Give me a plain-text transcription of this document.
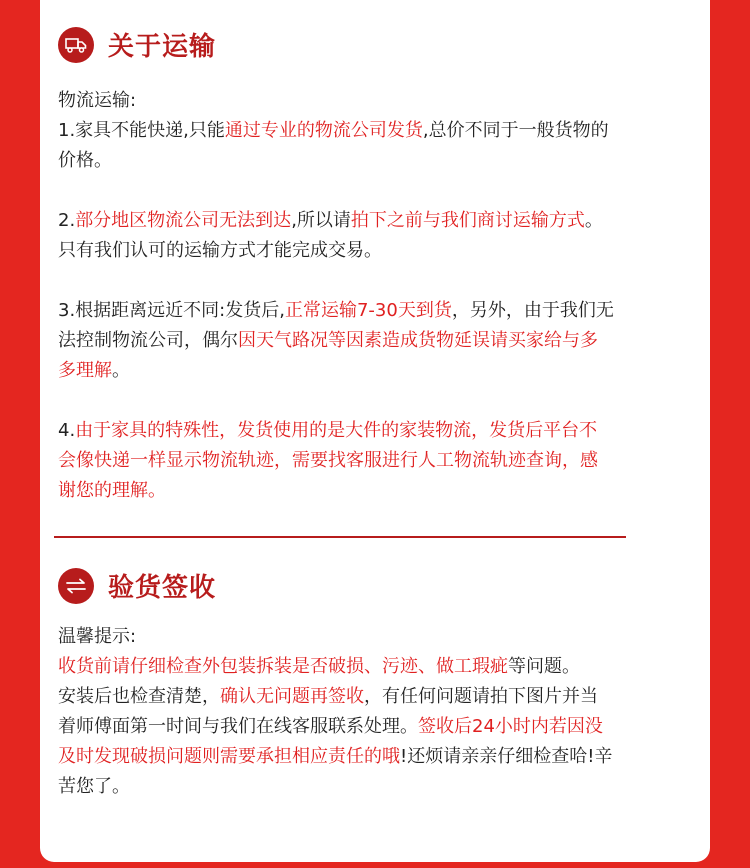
关于运输

物流运输:

1.家具不能快递,只能通过专业的物流公司发货,总价不同于一般货物的价格。

2.部分地区物流公司无法到达,所以请拍下之前与我们商讨运输方式。只有我们认可的运输方式才能完成交易。

3.根据距离远近不同:发货后,正常运输7-30天到货，另外，由于我们无法控制物流公司，偶尔因天气路况等因素造成货物延误请买家给与多多理解。

4.由于家具的特殊性，发货使用的是大件的家装物流，发货后平台不会像快递一样显示物流轨迹，需要找客服进行人工物流轨迹查询，感谢您的理解。

验货签收

温馨提示:

收货前请仔细检查外包装拆装是否破损、污迹、做工瑕疵等问题。

安装后也检查清楚，确认无问题再签收，有任何问题请拍下图片并当着师傅面第一时间与我们在线客服联系处理。签收后24小时内若因没及时发现破损问题则需要承担相应责任的哦!还烦请亲亲仔细检查哈!辛苦您了。
